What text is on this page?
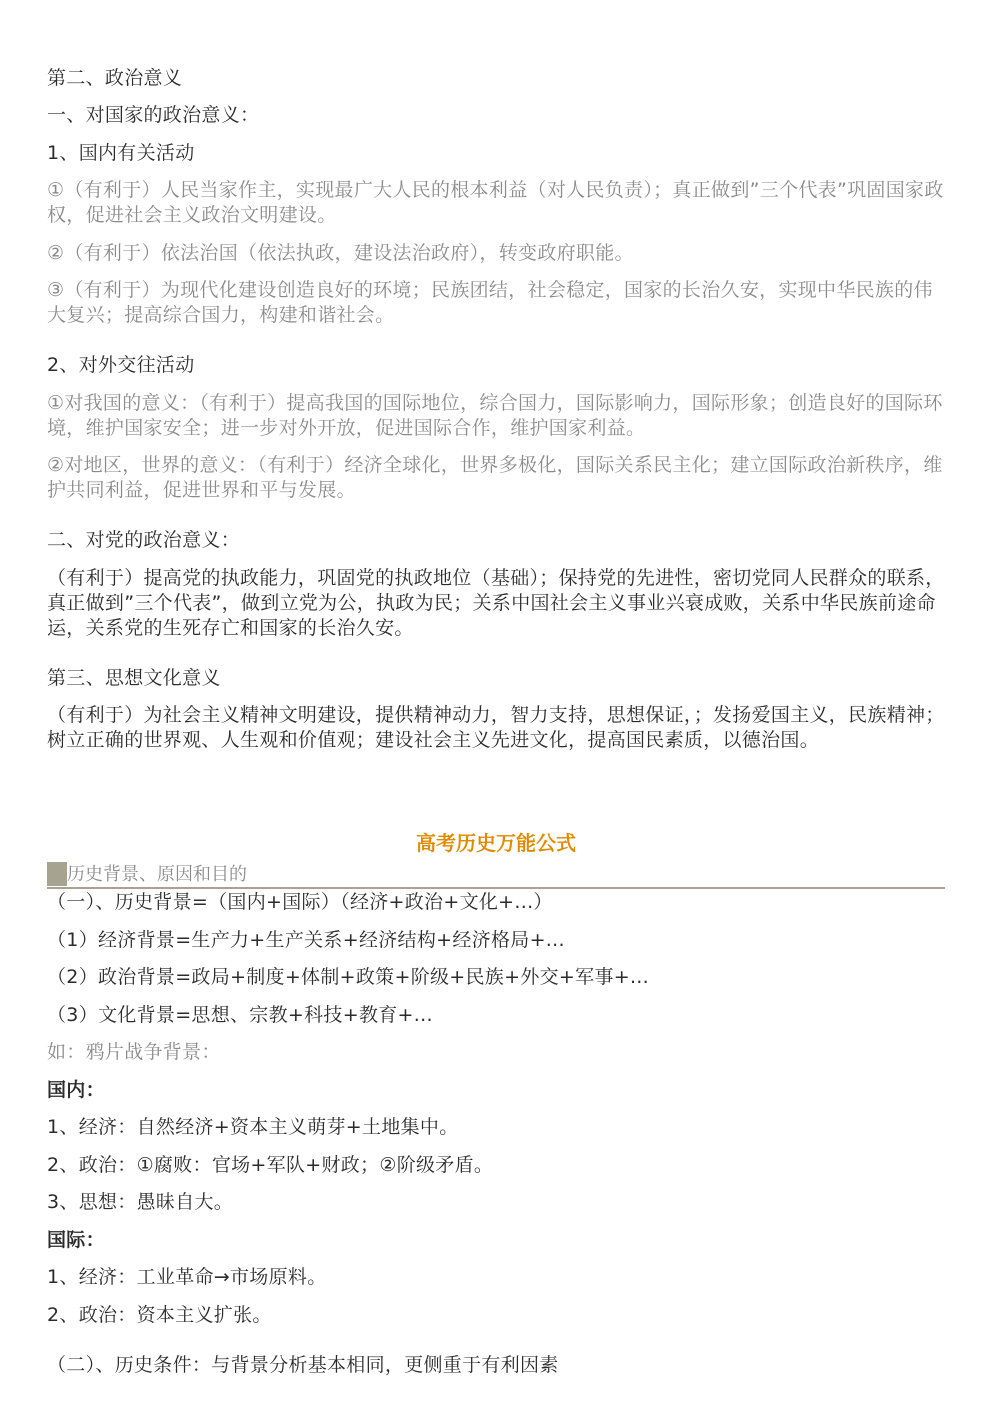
第二、政治意义
一、对国家的政治意义：
1、国内有关活动
①（有利于）人民当家作主，实现最广大人民的根本利益（对人民负责）；真正做到”三个代表”巩固国家政权，促进社会主义政治文明建设。
②（有利于）依法治国（依法执政，建设法治政府），转变政府职能。
③（有利于）为现代化建设创造良好的环境；民族团结，社会稳定，国家的长治久安，实现中华民族的伟大复兴；提高综合国力，构建和谐社会。
2、对外交往活动
①对我国的意义：（有利于）提高我国的国际地位，综合国力，国际影响力，国际形象；创造良好的国际环境，维护国家安全；进一步对外开放，促进国际合作，维护国家利益。
②对地区，世界的意义：（有利于）经济全球化，世界多极化，国际关系民主化；建立国际政治新秩序，维护共同利益，促进世界和平与发展。
二、对党的政治意义：
（有利于）提高党的执政能力，巩固党的执政地位（基础）；保持党的先进性，密切党同人民群众的联系，真正做到”三个代表”，做到立党为公，执政为民；关系中国社会主义事业兴衰成败，关系中华民族前途命运，关系党的生死存亡和国家的长治久安。
第三、思想文化意义
（有利于）为社会主义精神文明建设，提供精神动力，智力支持，思想保证，；发扬爱国主义，民族精神；树立正确的世界观、人生观和价值观；建设社会主义先进文化，提高国民素质，以德治国。
高考历史万能公式
一 历史背景、原因和目的
（一）、历史背景=（国内+国际）（经济+政治+文化+...）
（1）经济背景=生产力+生产关系+经济结构+经济格局+...
（2）政治背景=政局+制度+体制+政策+阶级+民族+外交+军事+...
（3）文化背景=思想、宗教+科技+教育+...
如：鸦片战争背景：
国内：
1、经济：自然经济+资本主义萌芽+土地集中。
2、政治：①腐败：官场+军队+财政；②阶级矛盾。
3、思想：愚昧自大。
国际：
1、经济：工业革命→市场原料。
2、政治：资本主义扩张。
（二）、历史条件：与背景分析基本相同，更侧重于有利因素
